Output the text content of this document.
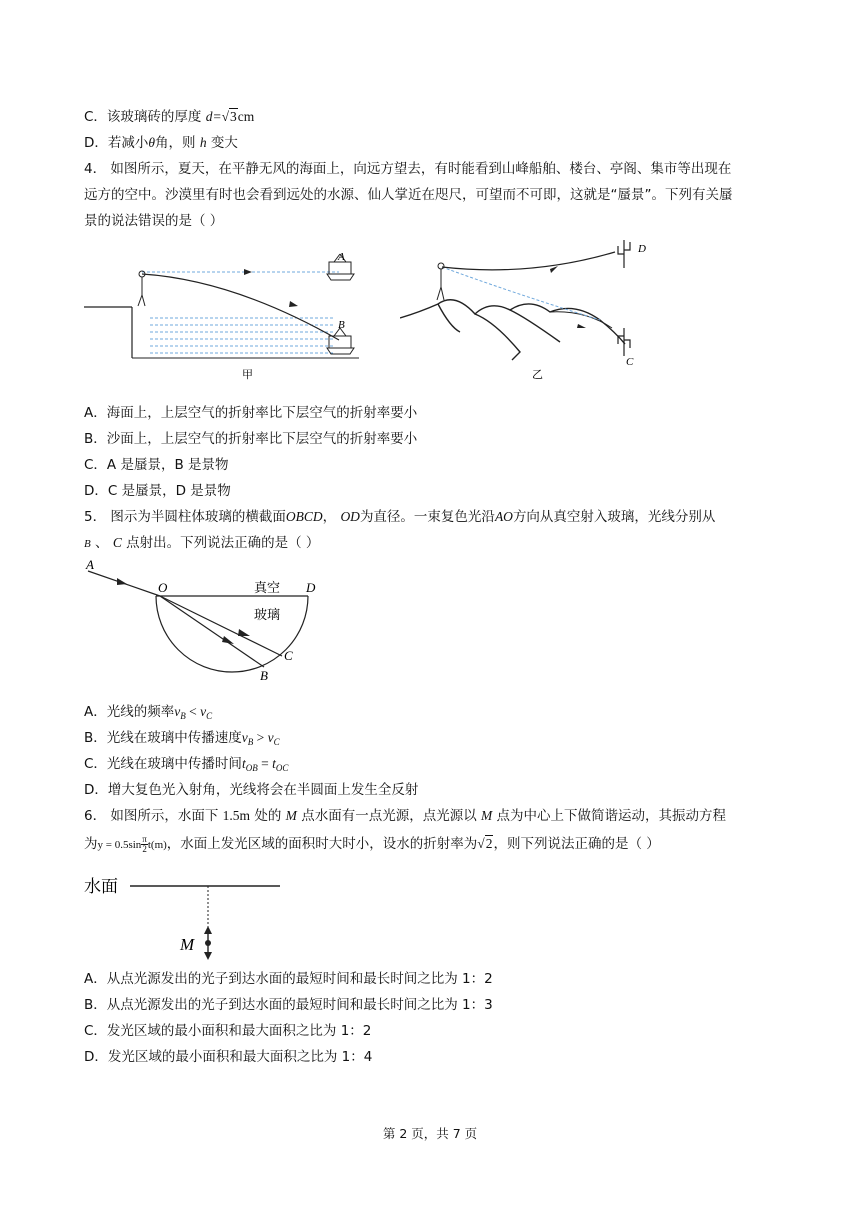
C．该玻璃砖的厚度 d=√3cm
D．若减小θ角，则 h 变大
4． 如图所示，夏天，在平静无风的海面上，向远方望去，有时能看到山峰船舶、楼台、亭阁、集市等出现在
远方的空中。沙漠里有时也会看到远处的水源、仙人掌近在咫尺，可望而不可即，这就是“蜃景”。下列有关蜃
景的说法错误的是（ ）
A
B
甲
D
C
乙
A．海面上，上层空气的折射率比下层空气的折射率要小
B．沙面上，上层空气的折射率比下层空气的折射率要小
C．A 是蜃景，B 是景物
D．C 是蜃景，D 是景物
5． 图示为半圆柱体玻璃的横截面OBCD， OD为直径。一束复色光沿AO方向从真空射入玻璃，光线分别从
B 、 C 点射出。下列说法正确的是（ ）
A
O	D
C
B
真空
玻璃
A．光线的频率$\nu_B < \nu_C$
B．光线在玻璃中传播速度$v_B > v_C$
C．光线在玻璃中传播时间$t_{OB} = t_{OC}$
D．增大复色光入射角，光线将会在半圆面上发生全反射
6． 如图所示，水面下 1.5m 处的 M 点水面有一点光源，点光源以 M 点为中心上下做简谐运动，其振动方程
为$y = 0.5\sin \frac{\pi}{2} t(m)$，水面上发光区域的面积时大时小，设水的折射率为√2，则下列说法正确的是（ ）
水面
M
A．从点光源发出的光子到达水面的最短时间和最长时间之比为 1：2
B．从点光源发出的光子到达水面的最短时间和最长时间之比为 1：3
C．发光区域的最小面积和最大面积之比为 1：2
D．发光区域的最小面积和最大面积之比为 1：4
第 2 页，共 7 页
